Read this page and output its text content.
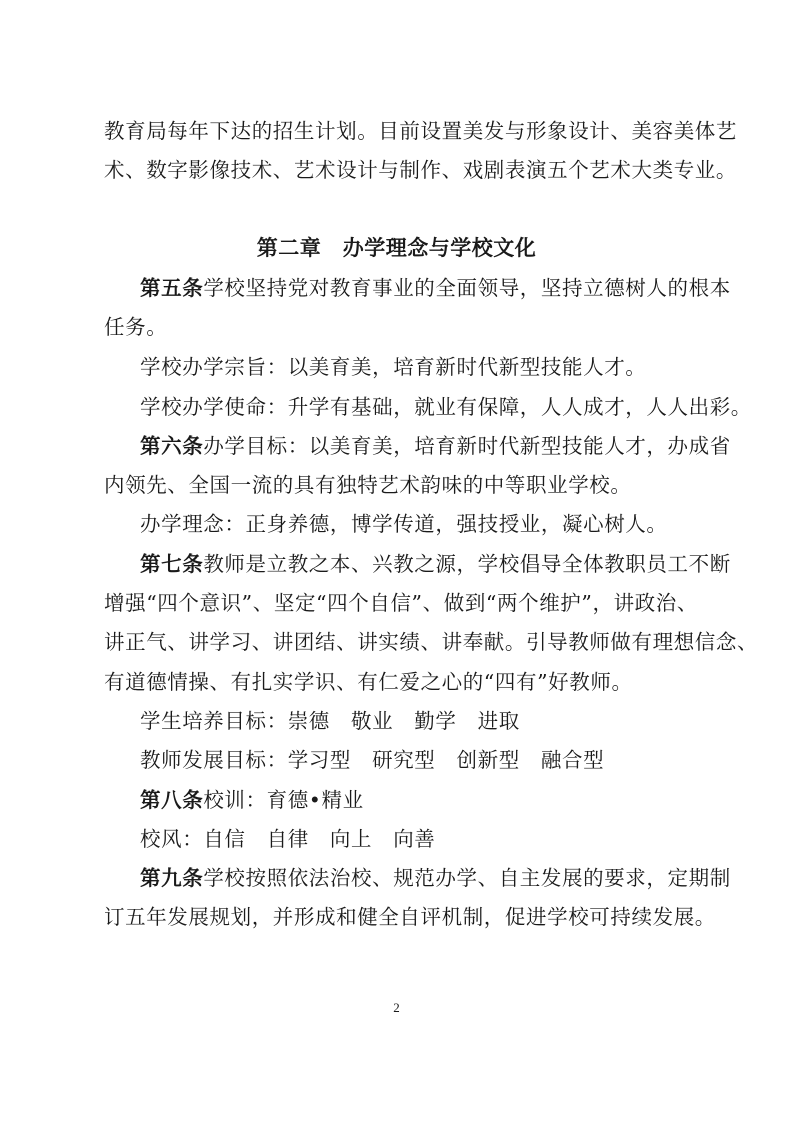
教育局每年下达的招生计划。目前设置美发与形象设计、美容美体艺
术、数字影像技术、艺术设计与制作、戏剧表演五个艺术大类专业。
第二章　办学理念与学校文化
第五条学校坚持党对教育事业的全面领导，坚持立德树人的根本
任务。
学校办学宗旨：以美育美，培育新时代新型技能人才。
学校办学使命：升学有基础，就业有保障，人人成才，人人出彩。
第六条办学目标：以美育美，培育新时代新型技能人才，办成省
内领先、全国一流的具有独特艺术韵味的中等职业学校。
办学理念：正身养德，博学传道，强技授业，凝心树人。
第七条教师是立教之本、兴教之源，学校倡导全体教职员工不断
增强“四个意识”、坚定“四个自信”、做到“两个维护”，讲政治、
讲正气、讲学习、讲团结、讲实绩、讲奉献。引导教师做有理想信念、
有道德情操、有扎实学识、有仁爱之心的“四有”好教师。
学生培养目标：崇德　敬业　勤学　进取
教师发展目标：学习型　研究型　创新型　融合型
第八条校训：育德•精业
校风：自信　自律　向上　向善
第九条学校按照依法治校、规范办学、自主发展的要求，定期制
订五年发展规划，并形成和健全自评机制，促进学校可持续发展。
2
